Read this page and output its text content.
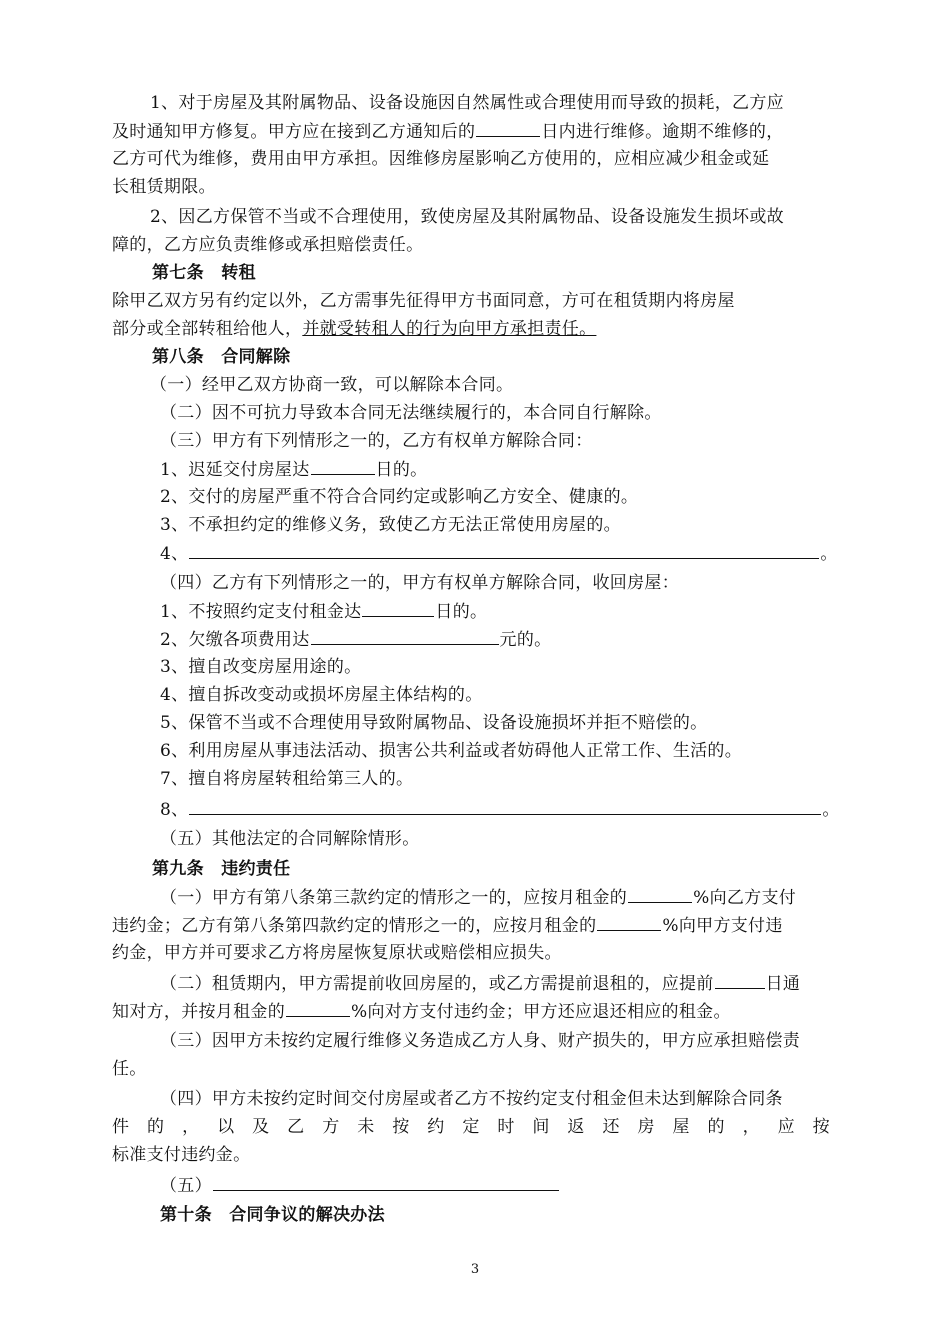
1、对于房屋及其附属物品、设备设施因自然属性或合理使用而导致的损耗，乙方应
及时通知甲方修复。甲方应在接到乙方通知后的	日内进行维修。逾期不维修的，
乙方可代为维修，费用由甲方承担。因维修房屋影响乙方使用的，应相应减少租金或延
长租赁期限。
2、因乙方保管不当或不合理使用，致使房屋及其附属物品、设备设施发生损坏或故
障的，乙方应负责维修或承担赔偿责任。
第七条　转租
除甲乙双方另有约定以外，乙方需事先征得甲方书面同意，方可在租赁期内将房屋
部分或全部转租给他人，并就受转租人的行为向甲方承担责任。
第八条　合同解除
（一）经甲乙双方协商一致，可以解除本合同。
（二）因不可抗力导致本合同无法继续履行的，本合同自行解除。
（三）甲方有下列情形之一的，乙方有权单方解除合同：
1、迟延交付房屋达	日的。
2、交付的房屋严重不符合合同约定或影响乙方安全、健康的。
3、不承担约定的维修义务，致使乙方无法正常使用房屋的。
4、	。
（四）乙方有下列情形之一的，甲方有权单方解除合同，收回房屋：
1、不按照约定支付租金达	日的。
2、欠缴各项费用达	元的。
3、擅自改变房屋用途的。
4、擅自拆改变动或损坏房屋主体结构的。
5、保管不当或不合理使用导致附属物品、设备设施损坏并拒不赔偿的。
6、利用房屋从事违法活动、损害公共利益或者妨碍他人正常工作、生活的。
7、擅自将房屋转租给第三人的。
8、	。
（五）其他法定的合同解除情形。
第九条　违约责任
（一）甲方有第八条第三款约定的情形之一的，应按月租金的	%向乙方支付
违约金；乙方有第八条第四款约定的情形之一的，应按月租金的	%向甲方支付违
约金，甲方并可要求乙方将房屋恢复原状或赔偿相应损失。
（二）租赁期内，甲方需提前收回房屋的，或乙方需提前退租的，应提前	日通
知对方，并按月租金的	%向对方支付违约金；甲方还应退还相应的租金。
（三）因甲方未按约定履行维修义务造成乙方人身、财产损失的，甲方应承担赔偿责
任。
（四）甲方未按约定时间交付房屋或者乙方不按约定支付租金但未达到解除合同条
件 的 ， 以 及 乙 方 未 按 约 定 时 间 返 还 房 屋 的 ， 应 按
标准支付违约金。
（五）
第十条　合同争议的解决办法
3
